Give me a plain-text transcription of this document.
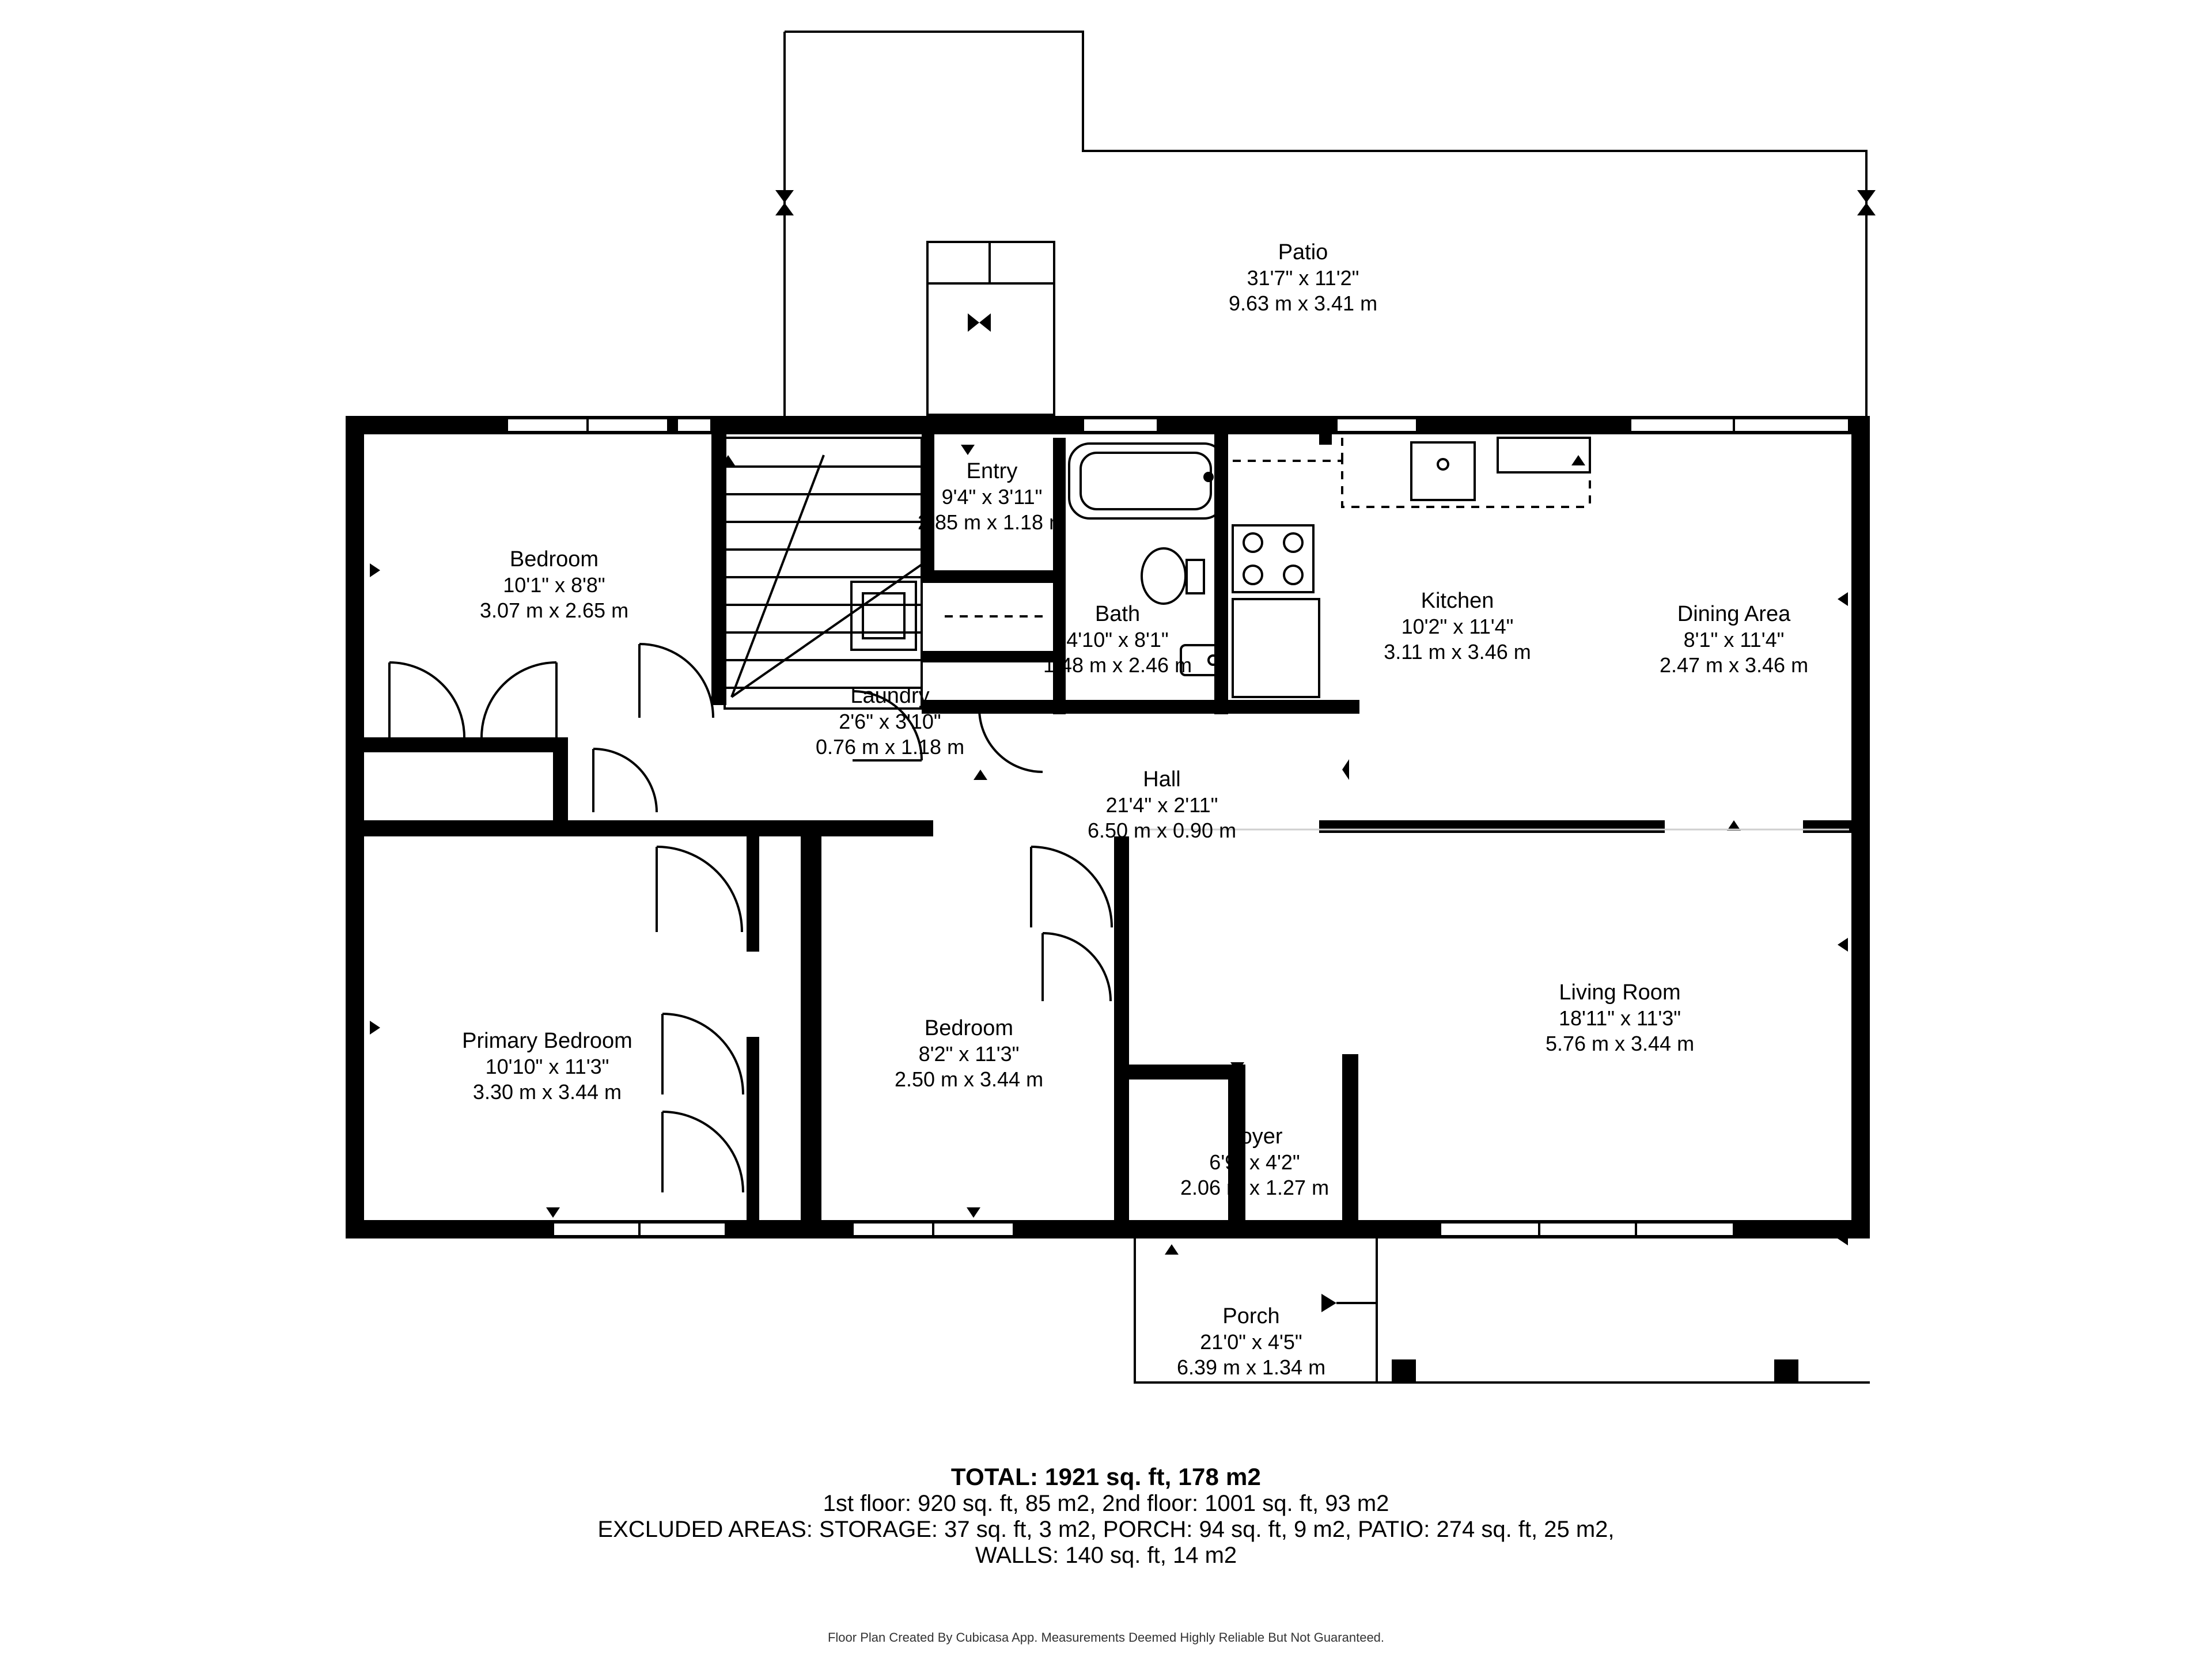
Patio
31'7" x 11'2"
9.63 m x 3.41 m
Entry
9'4" x 3'11"
2.85 m x 1.18 m
Bedroom
10'1" x 8'8"
3.07 m x 2.65 m	Bath
4'10" x 8'1"
1.48 m x 2.46 m
Kitchen
10'2" x 11'4"
3.11 m x 3.46 m
Dining Area
8'1" x 11'4"
2.47 m x 3.46 m
Laundry
2'6" x 3'10"
0.76 m x 1.18 m
Hall
21'4" x 2'11"
6.50 m x 0.90 m
Living Room
18'11" x 11'3"
5.76 m x 3.44 m
Primary Bedroom
10'10" x 11'3"
3.30 m x 3.44 m
Bedroom
8'2" x 11'3"
2.50 m x 3.44 m
Foyer
6'9" x 4'2"
2.06 m x 1.27 m
Porch
21'0" x 4'5"
6.39 m x 1.34 m
TOTAL: 1921 sq. ft, 178 m2
1st floor: 920 sq. ft, 85 m2, 2nd floor: 1001 sq. ft, 93 m2
EXCLUDED AREAS: STORAGE: 37 sq. ft, 3 m2, PORCH: 94 sq. ft, 9 m2, PATIO: 274 sq. ft, 25 m2,
WALLS: 140 sq. ft, 14 m2
Floor Plan Created By Cubicasa App. Measurements Deemed Highly Reliable But Not Guaranteed.
